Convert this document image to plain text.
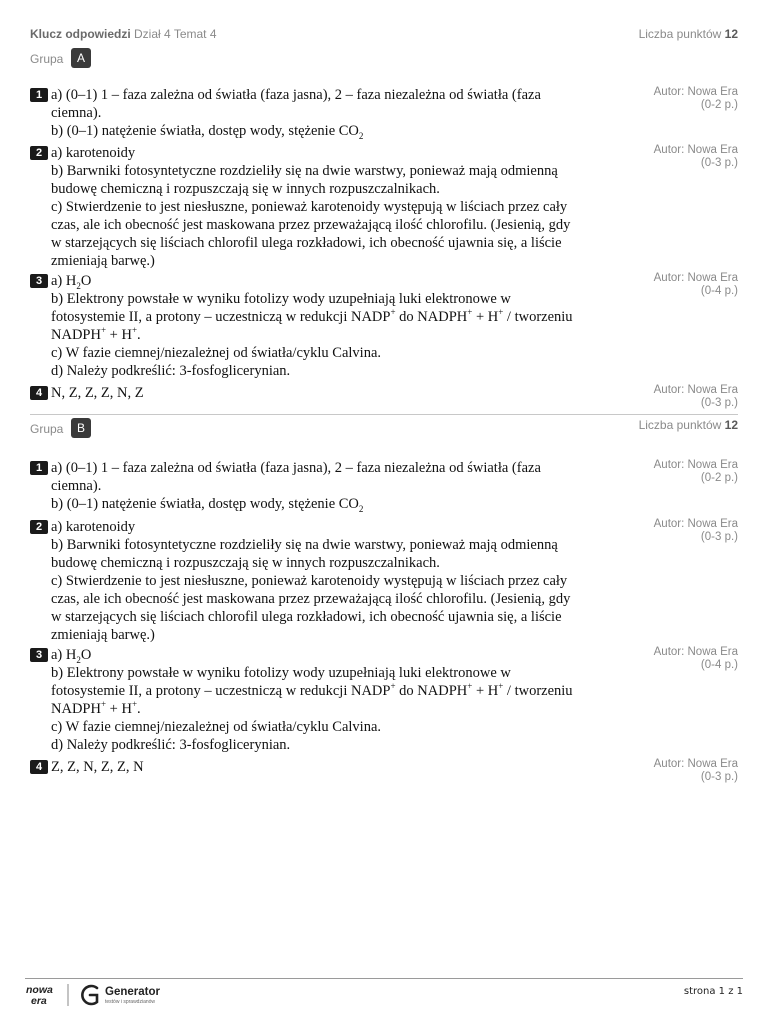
Klucz odpowiedzi Dział 4 Temat 4	Liczba punktów 12
Grupa	A
1 a) (0–1) 1 – faza zależna od światła (faza jasna), 2 – faza niezależna od światła (faza
ciemna).
b) (0–1) natężenie światła, dostęp wody, stężenie $CO_2$
Autor: Nowa Era
(0-2 p.)
2 a) karotenoidy
b) Barwniki fotosyntetyczne rozdzieliły się na dwie warstwy, ponieważ mają odmienną
budowę chemiczną i rozpuszczają się w innych rozpuszczalnikach.
c) Stwierdzenie to jest niesłuszne, ponieważ karotenoidy występują w liściach przez cały
czas, ale ich obecność jest maskowana przez przeważającą ilość chlorofilu. (Jesienią, gdy
w starzejących się liściach chlorofil ulega rozkładowi, ich obecność ujawnia się, a liście
zmieniają barwę.)
Autor: Nowa Era
(0-3 p.)
3 a) $H_2O$
b) Elektrony powstałe w wyniku fotolizy wody uzupełniają luki elektronowe w
fotosystemie II, a protony – uczestniczą w redukcji NADP+ do NADPH+ + H+ / tworzeniu
NADPH+ + H+.
c) W fazie ciemnej/niezależnej od światła/cyklu Calvina.
d) Należy podkreślić: 3-fosfoglicerynian.
Autor: Nowa Era
(0-4 p.)
4 N, Z, Z, Z, N, Z	Autor: Nowa Era
(0-3 p.)
Grupa	B	Liczba punktów 12
1 a) (0–1) 1 – faza zależna od światła (faza jasna), 2 – faza niezależna od światła (faza
ciemna).
b) (0–1) natężenie światła, dostęp wody, stężenie $CO_2$
Autor: Nowa Era
(0-2 p.)
2 a) karotenoidy
b) Barwniki fotosyntetyczne rozdzieliły się na dwie warstwy, ponieważ mają odmienną
budowę chemiczną i rozpuszczają się w innych rozpuszczalnikach.
c) Stwierdzenie to jest niesłuszne, ponieważ karotenoidy występują w liściach przez cały
czas, ale ich obecność jest maskowana przez przeważającą ilość chlorofilu. (Jesienią, gdy
w starzejących się liściach chlorofil ulega rozkładowi, ich obecność ujawnia się, a liście
zmieniają barwę.)
Autor: Nowa Era
(0-3 p.)
3 a) $H_2O$
b) Elektrony powstałe w wyniku fotolizy wody uzupełniają luki elektronowe w
fotosystemie II, a protony – uczestniczą w redukcji NADP+ do NADPH+ + H+ / tworzeniu
NADPH+ + H+.
c) W fazie ciemnej/niezależnej od światła/cyklu Calvina.
d) Należy podkreślić: 3-fosfoglicerynian.
Autor: Nowa Era
(0-4 p.)
4 Z, Z, N, Z, Z, N	Autor: Nowa Era
(0-3 p.)
nowa
era
Generator
testów i sprawdzianów
strona 1 z 1
